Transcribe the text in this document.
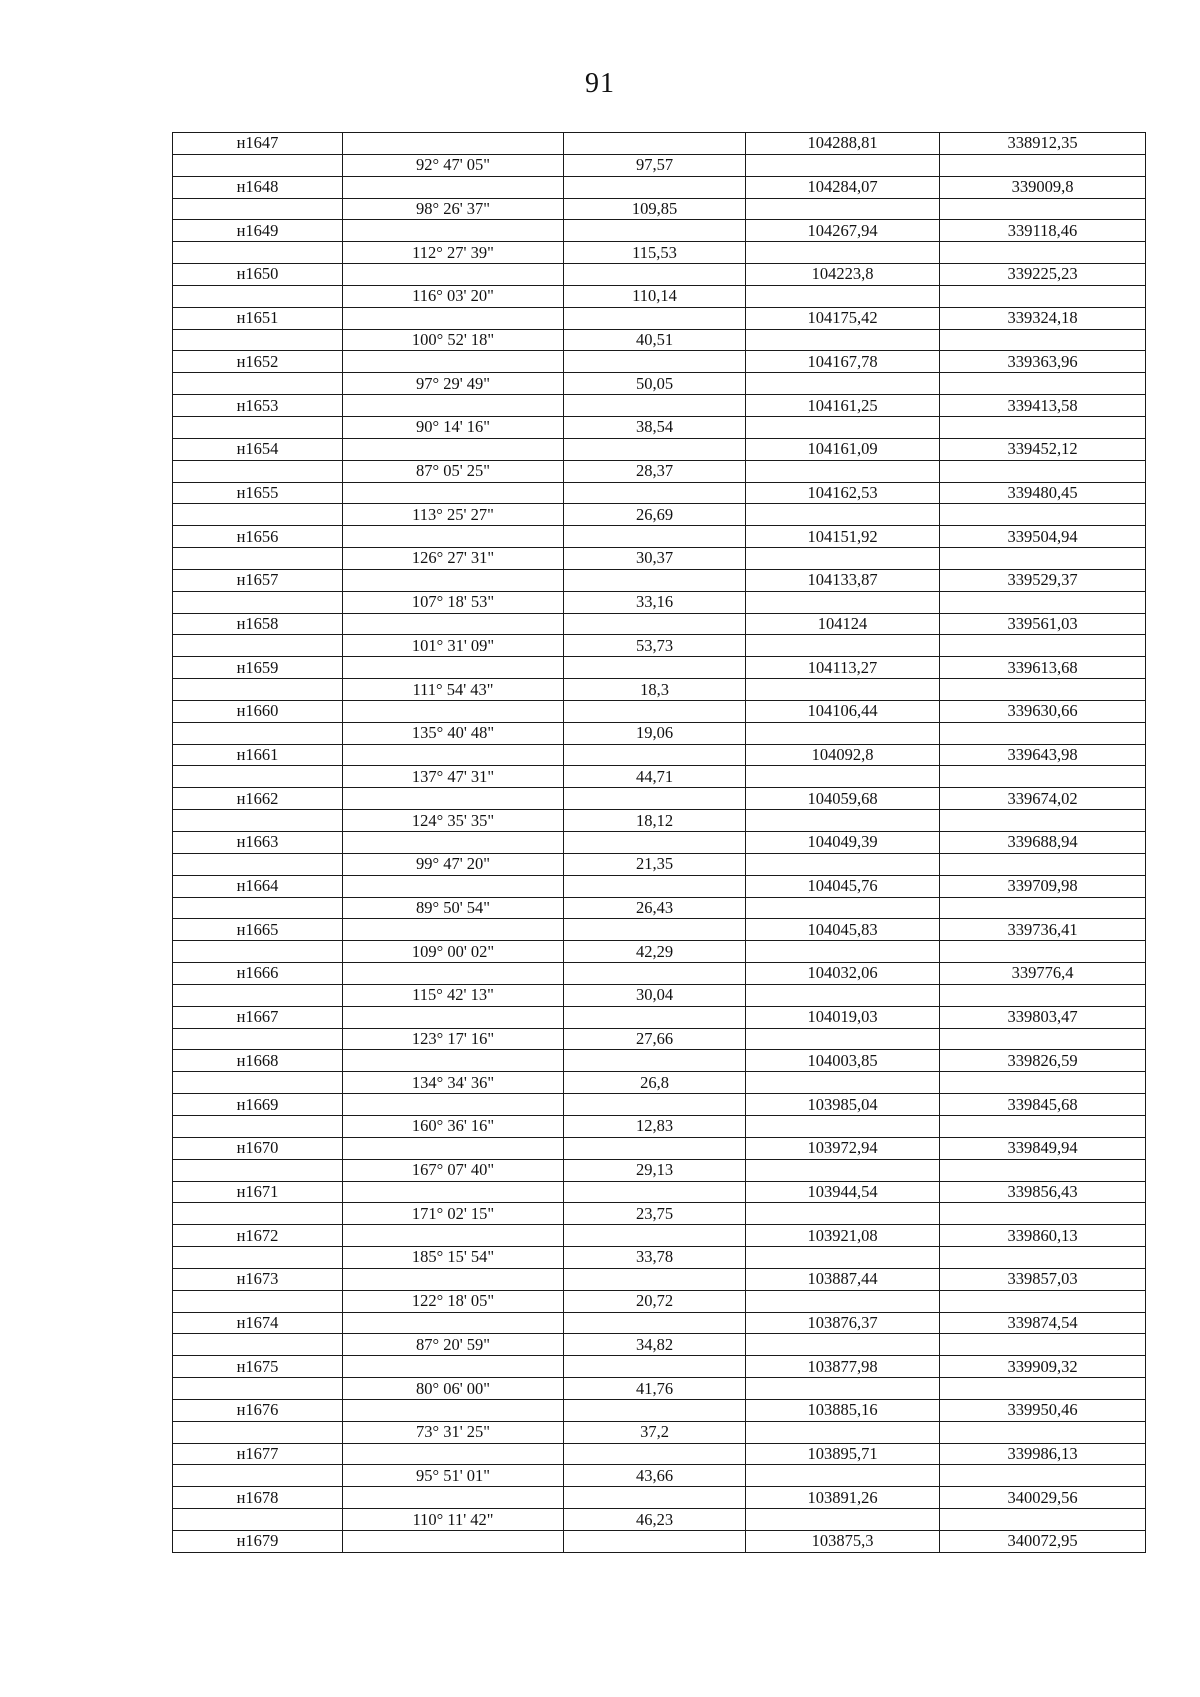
91
н1647			104288,81	338912,35
	92° 47' 05"	97,57		
н1648			104284,07	339009,8
	98° 26' 37"	109,85		
н1649			104267,94	339118,46
	112° 27' 39"	115,53		
н1650			104223,8	339225,23
	116° 03' 20"	110,14		
н1651			104175,42	339324,18
	100° 52' 18"	40,51		
н1652			104167,78	339363,96
	97° 29' 49"	50,05		
н1653			104161,25	339413,58
	90° 14' 16"	38,54		
н1654			104161,09	339452,12
	87° 05' 25"	28,37		
н1655			104162,53	339480,45
	113° 25' 27"	26,69		
н1656			104151,92	339504,94
	126° 27' 31"	30,37		
н1657			104133,87	339529,37
	107° 18' 53"	33,16		
н1658			104124	339561,03
	101° 31' 09"	53,73		
н1659			104113,27	339613,68
	111° 54' 43"	18,3		
н1660			104106,44	339630,66
	135° 40' 48"	19,06		
н1661			104092,8	339643,98
	137° 47' 31"	44,71		
н1662			104059,68	339674,02
	124° 35' 35"	18,12		
н1663			104049,39	339688,94
	99° 47' 20"	21,35		
н1664			104045,76	339709,98
	89° 50' 54"	26,43		
н1665			104045,83	339736,41
	109° 00' 02"	42,29		
н1666			104032,06	339776,4
	115° 42' 13"	30,04		
н1667			104019,03	339803,47
	123° 17' 16"	27,66		
н1668			104003,85	339826,59
	134° 34' 36"	26,8		
н1669			103985,04	339845,68
	160° 36' 16"	12,83		
н1670			103972,94	339849,94
	167° 07' 40"	29,13		
н1671			103944,54	339856,43
	171° 02' 15"	23,75		
н1672			103921,08	339860,13
	185° 15' 54"	33,78		
н1673			103887,44	339857,03
	122° 18' 05"	20,72		
н1674			103876,37	339874,54
	87° 20' 59"	34,82		
н1675			103877,98	339909,32
	80° 06' 00"	41,76		
н1676			103885,16	339950,46
	73° 31' 25"	37,2		
н1677			103895,71	339986,13
	95° 51' 01"	43,66		
н1678			103891,26	340029,56
	110° 11' 42"	46,23		
н1679			103875,3	340072,95
